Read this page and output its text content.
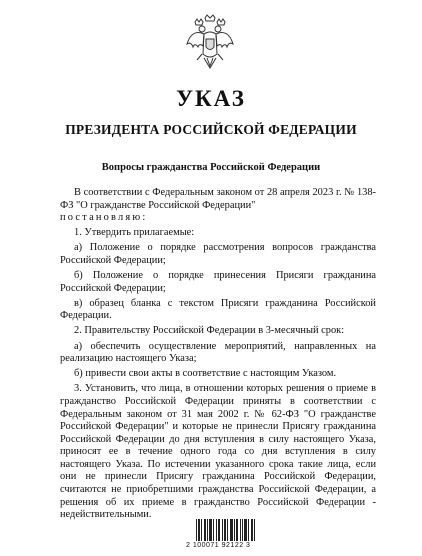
УКАЗ
ПРЕЗИДЕНТА РОССИЙСКОЙ ФЕДЕРАЦИИ
Вопросы гражданства Российской Федерации

В соответствии с Федеральным законом от 28 апреля 2023 г. № 138-ФЗ "О гражданстве Российской Федерации"

постановляю:

1. Утвердить прилагаемые:

а) Положение о порядке рассмотрения вопросов гражданства Российской Федерации;

б) Положение о порядке принесения Присяги гражданина Российской Федерации;

в) образец бланка с текстом Присяги гражданина Российской Федерации.

2. Правительству Российской Федерации в 3-месячный срок:

а) обеспечить осуществление мероприятий, направленных на реализацию настоящего Указа;

б) привести свои акты в соответствие с настоящим Указом.

3. Установить, что лица, в отношении которых решения о приеме в гражданство Российской Федерации приняты в соответствии с Федеральным законом от 31 мая 2002 г. № 62-ФЗ "О гражданстве Российской Федерации" и которые не принесли Присягу гражданина Российской Федерации до дня вступления в силу настоящего Указа, приносят ее в течение одного года со дня вступления в силу настоящего Указа. По истечении указанного срока такие лица, если они не принесли Присягу гражданина Российской Федерации, считаются не приобретшими гражданства Российской Федерации, а решения об их приеме в гражданство Российской Федерации - недействительными.

2 100071 92122 3
